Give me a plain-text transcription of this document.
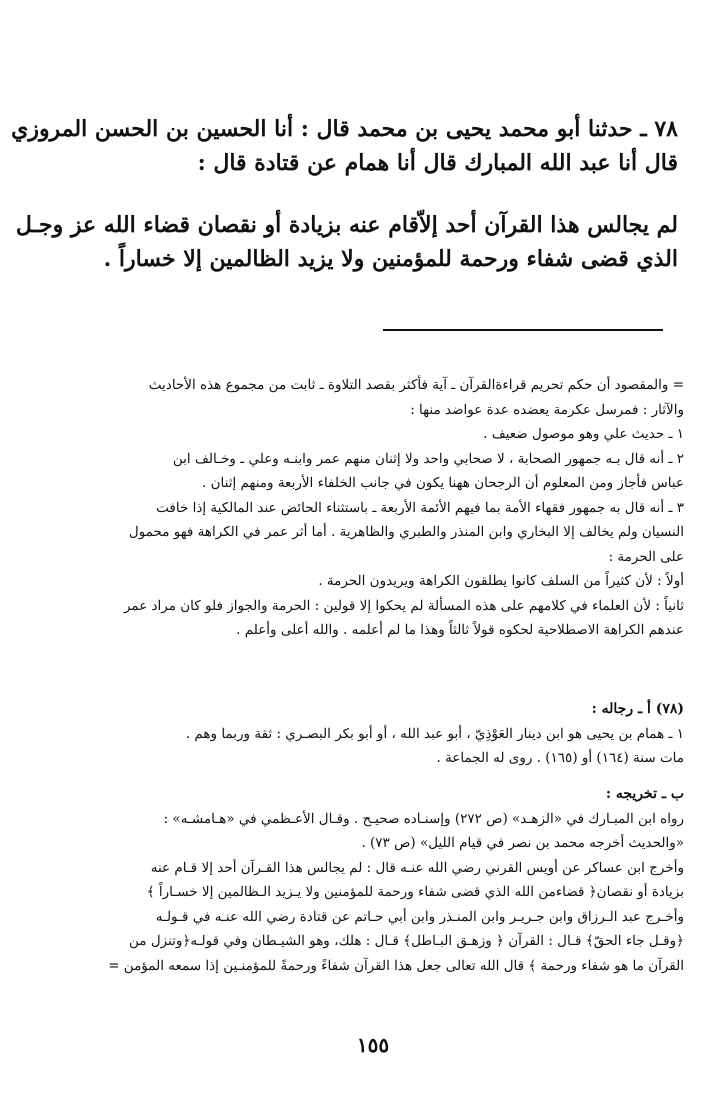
٧٨ ـ حدثنا أبو محمد يحيى بن محمد قال : أنا الحسين بن الحسن المروزي

قال أنا عبد الله المبارك قال أنا همام عن قتادة قال :

لم يجالس هذا القرآن أحد إلاّقام عنه بزيادة أو نقصان قضاء الله عز وجـل

الذي قضى شفاء ورحمة للمؤمنين ولا يزيد الظالمين إلا خساراً .

= والمقصود أن حكم تحريم قراءةالقرآن ـ آية فأكثر بقصد التلاوة ـ ثابت من مجموع هذه الأحاديث

والآثار : فمرسل عكرمة يعضده عدة عواضد منها :

١ ـ حديث علي وهو موصول ضعيف .

٢ ـ أنه قال بـه جمهور الصحابة ، لا صحابي واحد ولا إثنان منهم عمر وابنـه وعلي ـ وخـالف ابن

عباس فأجاز ومن المعلوم أن الرجحان ههنا يكون في جانب الخلفاء الأربعة ومنهم إثنان .

٣ ـ أنه قال به جمهور فقهاء الأمة بما فيهم الأئمة الأربعة ـ باستثناء الحائض عند المالكية إذا خافت

النسيان ولم يخالف إلا البخاري وابن المنذر والطبري والظاهرية . أما أثر عمر في الكراهة فهو محمول

على الحرمة :

أولاً : لأن كثيراً من السلف كانوا يطلقون الكراهة ويريدون الحرمة .

ثانياً : لأن العلماء في كلامهم على هذه المسألة لم يحكوا إلا قولين : الحرمة والجواز فلو كان مراد عمر

عندهم الكراهة الاصطلاحية لحكوه قولاً ثالثاً وهذا ما لم أعلمه . والله أعلى وأعلم .

(٧٨) أ ـ رجاله :

١ ـ همام بن يحيى هو ابن دينار العَوْذِيّ ، أبو عبد الله ، أو أبو بكر البصـري : ثقة وربما وهم .

مات سنة (١٦٤) أو (١٦٥) . روى له الجماعة .

ب ـ تخريجه :

رواه ابن المبـارك في «الزهـد» (ص ٢٧٢) وإسنـاده صحيـح . وقـال الأعـظمي في «هـامشـه» :

«والحديث أخرجه محمد بن نصر في قيام الليل» (ص ٧٣) .

وأخرج ابن عساكر عن أويس القرني رضي الله عنـه قال : لم يجالس هذا القـرآن أحد إلا قـام عنه

بزيادة أو نقصان﴿ قضاءمن الله الذي قضى شفاء ورحمة للمؤمنين ولا يـزيد الـظالمين إلا خسـاراً ﴾

وأخـرج عبد الـرزاق وابن جـريـر وابن المنـذر وابن أبي حـاتم عن قتادة رضي الله عنـه في قـولـه

﴿وقـل جاء الحقّ﴾ قـال : القرآن ﴿ وزهـق البـاطل﴾ قـال : هلك، وهو الشيـطان وفي قولـه﴿وتنزل من

القرآن ما هو شفاء ورحمة ﴾ قال الله تعالى جعل هذا القرآن شفاءً ورحمةً للمؤمنـين إذا سمعه المؤمن =

١٥٥
